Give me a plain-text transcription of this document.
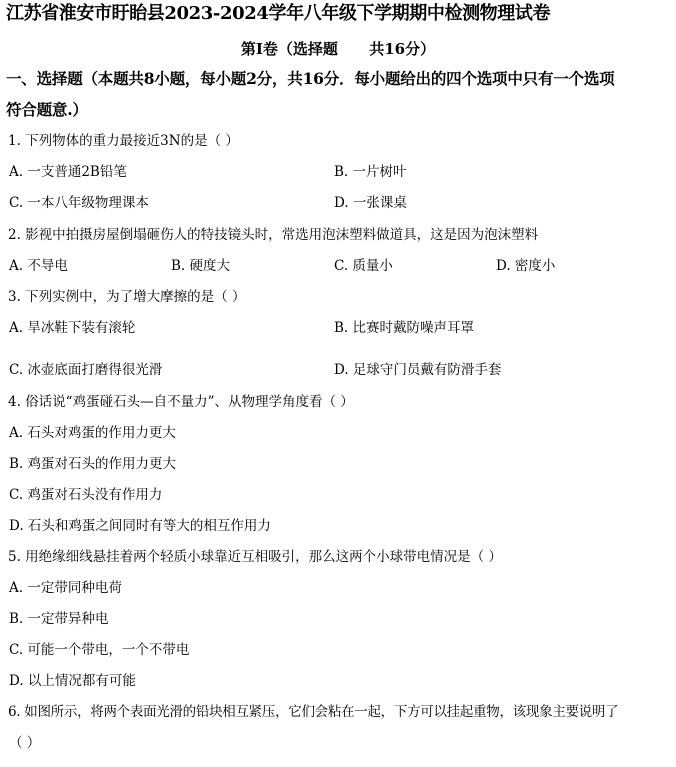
江苏省淮安市盱眙县2023-2024学年八年级下学期期中检测物理试卷
第I卷（选择题      共16分）
一、选择题（本题共8小题，每小题2分，共16分．每小题给出的四个选项中只有一个选项
符合题意.）
1. 下列物体的重力最接近3N的是（ ）
A. 一支普通2B铅笔	B. 一片树叶
C. 一本八年级物理课本	D. 一张课桌
2. 影视中拍摄房屋倒塌砸伤人的特技镜头时，常选用泡沫塑料做道具，这是因为泡沫塑料
A. 不导电	B. 硬度大	C. 质量小	D. 密度小
3. 下列实例中，为了增大摩擦的是（ ）
A. 旱冰鞋下装有滚轮	B. 比赛时戴防噪声耳罩
C. 冰壶底面打磨得很光滑	D. 足球守门员戴有防滑手套
4. 俗话说“鸡蛋碰石头—自不量力”、从物理学角度看（ ）
A. 石头对鸡蛋的作用力更大
B. 鸡蛋对石头的作用力更大
C. 鸡蛋对石头没有作用力
D. 石头和鸡蛋之间同时有等大的相互作用力
5. 用绝缘细线悬挂着两个轻质小球靠近互相吸引，那么这两个小球带电情况是（ ）
A. 一定带同种电荷
B. 一定带异种电
C. 可能一个带电，一个不带电
D. 以上情况都有可能
6. 如图所示，将两个表面光滑的铅块相互紧压，它们会粘在一起，下方可以挂起重物，该现象主要说明了
（ ）
